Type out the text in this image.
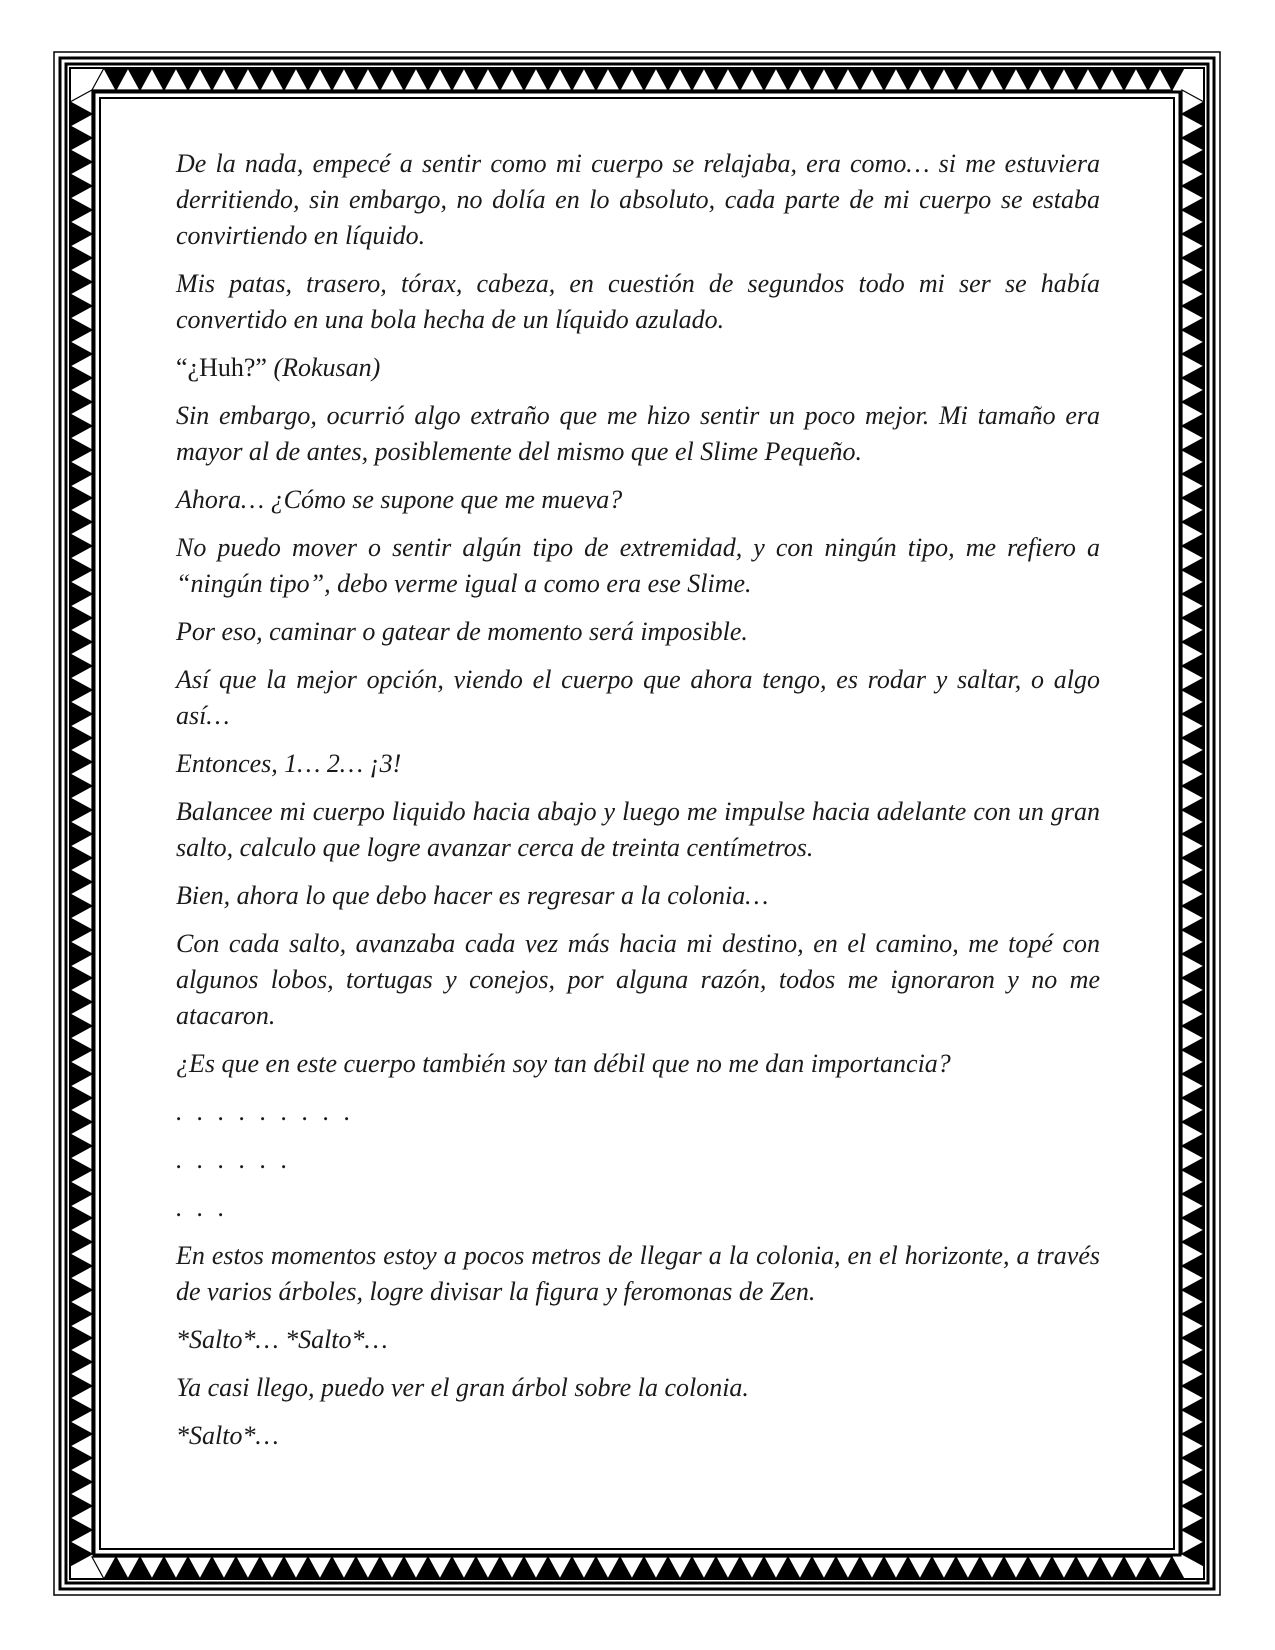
De la nada, empecé a sentir como mi cuerpo se relajaba, era como… si me estuviera derritiendo, sin embargo, no dolía en lo absoluto, cada parte de mi cuerpo se estaba convirtiendo en líquido.

Mis patas, trasero, tórax, cabeza, en cuestión de segundos todo mi ser se había convertido en una bola hecha de un líquido azulado.

“¿Huh?” (Rokusan)

Sin embargo, ocurrió algo extraño que me hizo sentir un poco mejor. Mi tamaño era mayor al de antes, posiblemente del mismo que el Slime Pequeño.

Ahora… ¿Cómo se supone que me mueva?

No puedo mover o sentir algún tipo de extremidad, y con ningún tipo, me refiero a “ningún tipo”, debo verme igual a como era ese Slime.

Por eso, caminar o gatear de momento será imposible.

Así que la mejor opción, viendo el cuerpo que ahora tengo, es rodar y saltar, o algo así…

Entonces, 1… 2… ¡3!

Balancee mi cuerpo liquido hacia abajo y luego me impulse hacia adelante con un gran salto, calculo que logre avanzar cerca de treinta centímetros.

Bien, ahora lo que debo hacer es regresar a la colonia…

Con cada salto, avanzaba cada vez más hacia mi destino, en el camino, me topé con algunos lobos, tortugas y conejos, por alguna razón, todos me ignoraron y no me atacaron.

¿Es que en este cuerpo también soy tan débil que no me dan importancia?

. . . . . . . . .

. . . . . .

. . .

En estos momentos estoy a pocos metros de llegar a la colonia, en el horizonte, a través de varios árboles, logre divisar la figura y feromonas de Zen.

*Salto*… *Salto*…

Ya casi llego, puedo ver el gran árbol sobre la colonia.

*Salto*…
